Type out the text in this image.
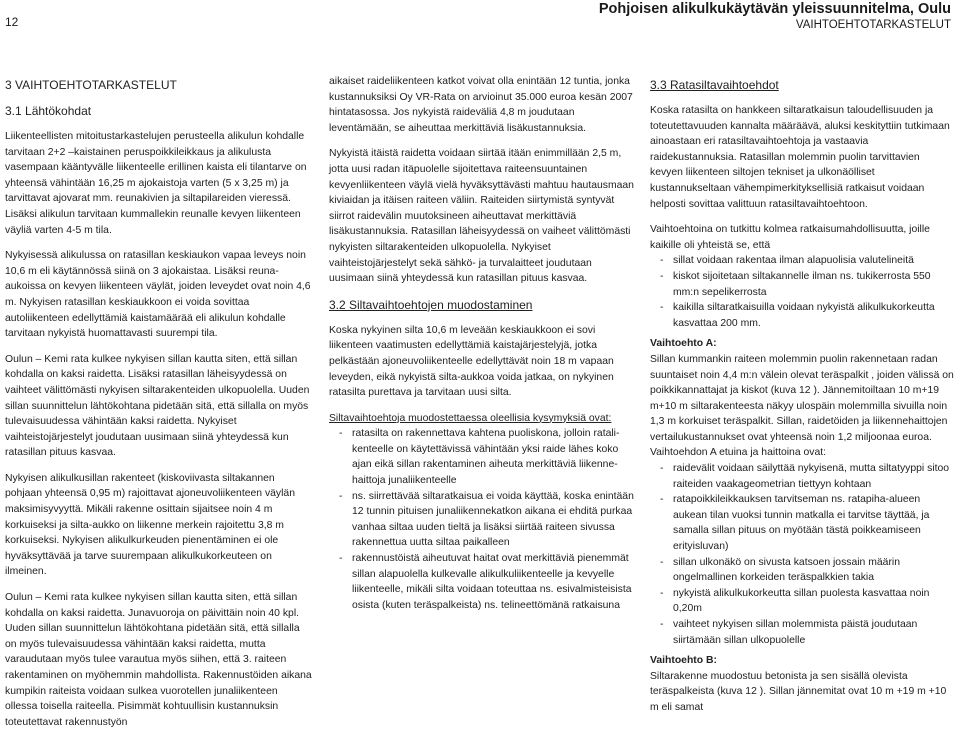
12
Pohjoisen alikulkukäytävän yleissuunnitelma, Oulu
VAIHTOEHTOTARKASTELUT
3 VAIHTOEHTOTARKASTELUT
3.1 Lähtökohdat

Liikenteellisten mitoitustarkastelujen perusteella alikulun kohdalle tarvitaan 2+2 –kaistainen peruspoikkileikkaus ja alikulusta vasempaan kääntyvälle liikenteelle erillinen kaista eli tilantarve on yhteensä vähintään 16,25 m ajokaistoja varten (5 x 3,25 m) ja tarvittavat ajovarat mm. reunakivien ja siltapilareiden vieressä. Lisäksi alikulun tarvitaan kummallekin reunalle kevyen liikenteen väyliä varten 4-5 m tila.

Nykyisessä alikulussa on ratasillan keskiaukon vapaa leveys noin 10,6 m eli käytännössä siinä on 3 ajokaistaa. Lisäksi reuna-aukoissa on kevyen liikenteen väylät, joiden leveydet ovat noin 4,6 m. Nykyisen ratasillan keskiaukkoon ei voida sovittaa autoliikenteen edellyttämiä kaistamäärää eli alikulun kohdalle tarvitaan nykyistä huomattavasti suurempi tila.

Oulun – Kemi rata kulkee nykyisen sillan kautta siten, että sillan kohdalla on kaksi raidetta. Lisäksi ratasillan läheisyydessä on vaihteet välittömästi nykyisen siltarakenteiden ulkopuolella. Uuden sillan suunnittelun lähtökohtana pidetään sitä, että sillalla on myös tulevaisuudessa vähintään kaksi raidetta. Nykyiset vaihteistojärjestelyt joudutaan uusimaan siinä yhteydessä kun ratasillan pituus kasvaa.

Nykyisen alikulkusillan rakenteet (kiskoviivasta siltakannen pohjaan yhteensä 0,95 m) rajoittavat ajoneuvoliikenteen väylän maksimisyvyyttä. Mikäli rakenne osittain sijaitsee noin 4 m korkuiseksi ja silta-aukko on liikenne merkein rajoitettu 3,8 m korkuiseksi. Nykyisen alikulkurkeuden pienentäminen ei ole hyväksyttävää ja tarve suurempaan alikulkukorkeuteen on ilmeinen.

Oulun – Kemi rata kulkee nykyisen sillan kautta siten, että sillan kohdalla on kaksi raidetta. Junavuoroja on päivittäin noin 40 kpl. Uuden sillan suunnittelun lähtökohtana pidetään sitä, että sillalla on myös tulevaisuudessa vähintään kaksi raidetta, mutta varaudutaan myös tulee varautua myös siihen, että 3. raiteen rakentaminen on myöhemmin mahdollista. Rakennustöiden aikana kumpikin raiteista voidaan sulkea vuorotellen junaliikenteen ollessa toisella raiteella. Pisimmät kohtuullisin kustannuksin toteutettavat rakennustyön

aikaiset raideliikenteen katkot voivat olla enintään 12 tuntia, jonka kustannuksiksi Oy VR-Rata on arvioinut 35.000 euroa kesän 2007 hintatasossa. Jos nykyistä raideväliä 4,8 m joudutaan leventämään, se aiheuttaa merkittäviä lisäkustannuksia.

Nykyistä itäistä raidetta voidaan siirtää itään enimmillään 2,5 m, jotta uusi radan itäpuolelle sijoitettava raiteensuuntainen kevyenliikenteen väylä vielä hyväksyttävästi mahtuu hautausmaan kiviaidan ja itäisen raiteen väliin. Raiteiden siirtymistä syntyvät siirrot raidevälin muutoksineen aiheuttavat merkittäviä lisäkustannuksia. Ratasillan läheisyydessä on vaiheet välittömästi nykyisten siltarakenteiden ulkopuolella. Nykyiset vaihteistojärjestelyt sekä sähkö- ja turvalaitteet joudutaan uusimaan siinä yhteydessä kun ratasillan pituus kasvaa.

3.2 Siltavaihtoehtojen muodostaminen

Koska nykyinen silta 10,6 m leveään keskiaukkoon ei sovi liikenteen vaatimusten edellyttämiä kaistajärjestelyjä, jotka pelkästään ajoneuvoliikenteelle edellyttävät noin 18 m vapaan leveyden, eikä nykyistä silta-aukkoa voida jatkaa, on nykyinen ratasilta purettava ja tarvitaan uusi silta.

Siltavaihtoehtoja muodostettaessa oleellisia kysymyksiä ovat:

- ratasilta on rakennettava kahtena puoliskona, jolloin ratalikenteelle on käytettävissä vähintään yksi raide lähes koko ajan eikä sillan rakentaminen aiheuta merkittäviä liikennehaittoja junaliikenteelle
- ns. siirrettävää siltaratkaisua ei voida käyttää, koska enintään 12 tunnin pituisen junaliikennekatkon aikana ei ehditä purkaa vanhaa siltaa uuden tieltä ja lisäksi siirtää raiteen sivussa rakennettua uutta siltaa paikalleen
- rakennustöistä aiheutuvat haitat ovat merkittäviä pienemmät sillan alapuolella kulkevalle alikulkuliikenteelle ja kevyelle liikenteelle, mikäli silta voidaan toteuttaa ns. esivalmisteisista osista (kuten teräspalkeista) ns. telineettömänä ratkaisuna
3.3 Ratasiltavaihtoehdot

Koska ratasilta on hankkeen siltaratkaisun taloudellisuuden ja toteutettavuuden kannalta määräävä, aluksi keskityttiin tutkimaan ainoastaan eri ratasiltavaihtoehtoja ja vastaavia raidekustannuksia. Ratasillan molemmin puolin tarvittavien kevyen liikenteen siltojen tekniset ja ulkonäölliset kustannukseltaan vähempimerkityksellisiä ratkaisut voidaan helposti sovittaa valittuun ratasiltavaihtoehtoon.

Vaihtoehtoina on tutkittu kolmea ratkaisumahdollisuutta, joille kaikille oli yhteistä se, että

- sillat voidaan rakentaa ilman alapuolisia valutelineitä
- kiskot sijoitetaan siltakannelle ilman ns. tukikerrosta 550 mm:n sepelikerrosta
- kaikilla siltaratkaisuilla voidaan nykyistä alikulkukorkeutta kasvattaa 200 mm.
Vaihtoehto A:

Sillan kummankin raiteen molemmin puolin rakennetaan radan suuntaiset noin 4,4 m:n välein olevat teräspalkit , joiden välissä on poikkikannattajat ja kiskot (kuva 12 ). Jännemitoiltaan 10 m+19 m+10 m siltarakenteesta näkyy ulospäin molemmilla sivuilla noin 1,3 m korkuiset teräspalkit. Sillan, raidetöiden ja liikennehaittojen vertailukustannukset ovat yhteensä noin 1,2 miljoonaa euroa. Vaihtoehdon A etuina ja haittoina ovat:

- raidevälit voidaan säilyttää nykyisenä, mutta siltatyyppi sitoo raiteiden vaakageometrian tiettyyn kohtaan
- ratapoikkileikkauksen tarvitseman ns. ratapiha-alueen aukean tilan vuoksi tunnin matkalla ei tarvitse täyttää, ja samalla sillan pituus on myötään tästä poikkeamiseen erityisluvan)
- sillan ulkonäkö on sivusta katsoen jossain määrin ongelmallinen korkeiden teräspalkkien takia
- nykyistä alikulkukorkeutta sillan puolesta kasvattaa noin 0,20m
- vaihteet nykyisen sillan molemmista päistä joudutaan siirtämään sillan ulkopuolelle
Vaihtoehto B:

Siltarakenne muodostuu betonista ja sen sisällä olevista teräspalkeista (kuva 12 ). Sillan jännemitat ovat 10 m +19 m +10 m eli samat
